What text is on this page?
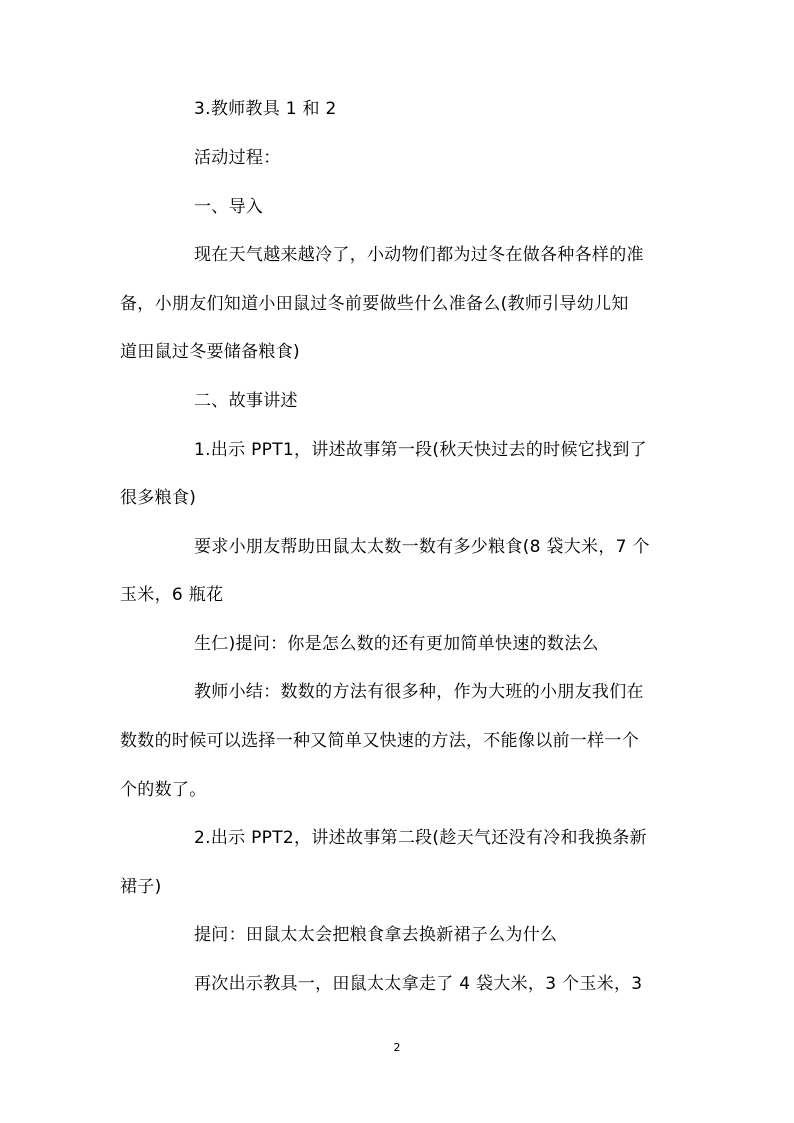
3.教师教具 1 和 2
活动过程：
一、导入
现在天气越来越冷了，小动物们都为过冬在做各种各样的准
备，小朋友们知道小田鼠过冬前要做些什么准备么(教师引导幼儿知
道田鼠过冬要储备粮食)
二、故事讲述
1.出示 PPT1，讲述故事第一段(秋天快过去的时候它找到了
很多粮食)
要求小朋友帮助田鼠太太数一数有多少粮食(8 袋大米，7 个
玉米，6 瓶花
生仁)提问：你是怎么数的还有更加简单快速的数法么
教师小结：数数的方法有很多种，作为大班的小朋友我们在
数数的时候可以选择一种又简单又快速的方法，不能像以前一样一个
个的数了。
2.出示 PPT2，讲述故事第二段(趁天气还没有冷和我换条新
裙子)
提问：田鼠太太会把粮食拿去换新裙子么为什么
再次出示教具一，田鼠太太拿走了 4 袋大米，3 个玉米，3
2
